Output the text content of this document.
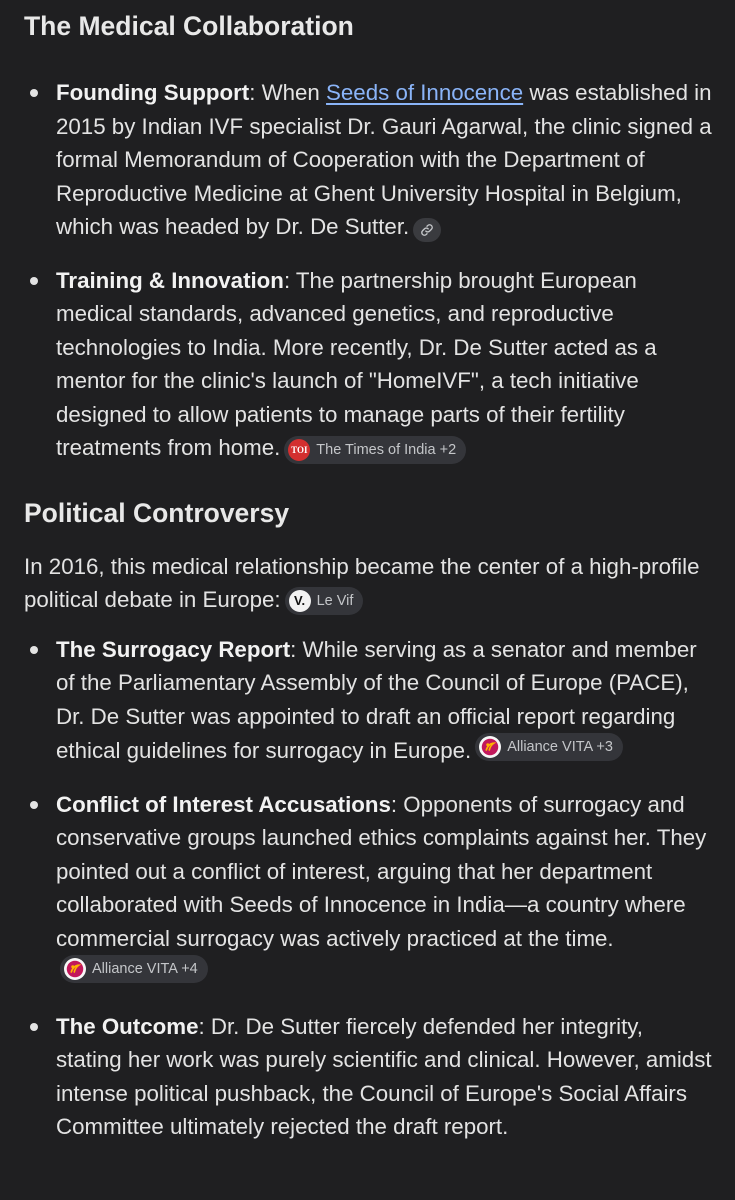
The Medical Collaboration
Founding Support: When Seeds of Innocence was established in 2015 by Indian IVF specialist Dr. Gauri Agarwal, the clinic signed a formal Memorandum of Cooperation with the Department of Reproductive Medicine at Ghent University Hospital in Belgium, which was headed by Dr. De Sutter.
Training & Innovation: The partnership brought European medical standards, advanced genetics, and reproductive technologies to India. More recently, Dr. De Sutter acted as a mentor for the clinic's launch of "HomeIVF", a tech initiative designed to allow patients to manage parts of their fertility treatments from home.	TOI The Times of India +2
Political Controversy

In 2016, this medical relationship became the center of a high-profile political debate in Europe:	V. Le Vif

The Surrogacy Report: While serving as a senator and member of the Parliamentary Assembly of the Council of Europe (PACE), Dr. De Sutter was appointed to draft an official report regarding ethical guidelines for surrogacy in Europe. Alliance VITA +3
Conflict of Interest Accusations: Opponents of surrogacy and conservative groups launched ethics complaints against her. They pointed out a conflict of interest, arguing that her department collaborated with Seeds of Innocence in India—a country where commercial surrogacy was actively practiced at the time.
Alliance VITA +4
The Outcome: Dr. De Sutter fiercely defended her integrity, stating her work was purely scientific and clinical. However, amidst intense political pushback, the Council of Europe's Social Affairs Committee ultimately rejected the draft report.
